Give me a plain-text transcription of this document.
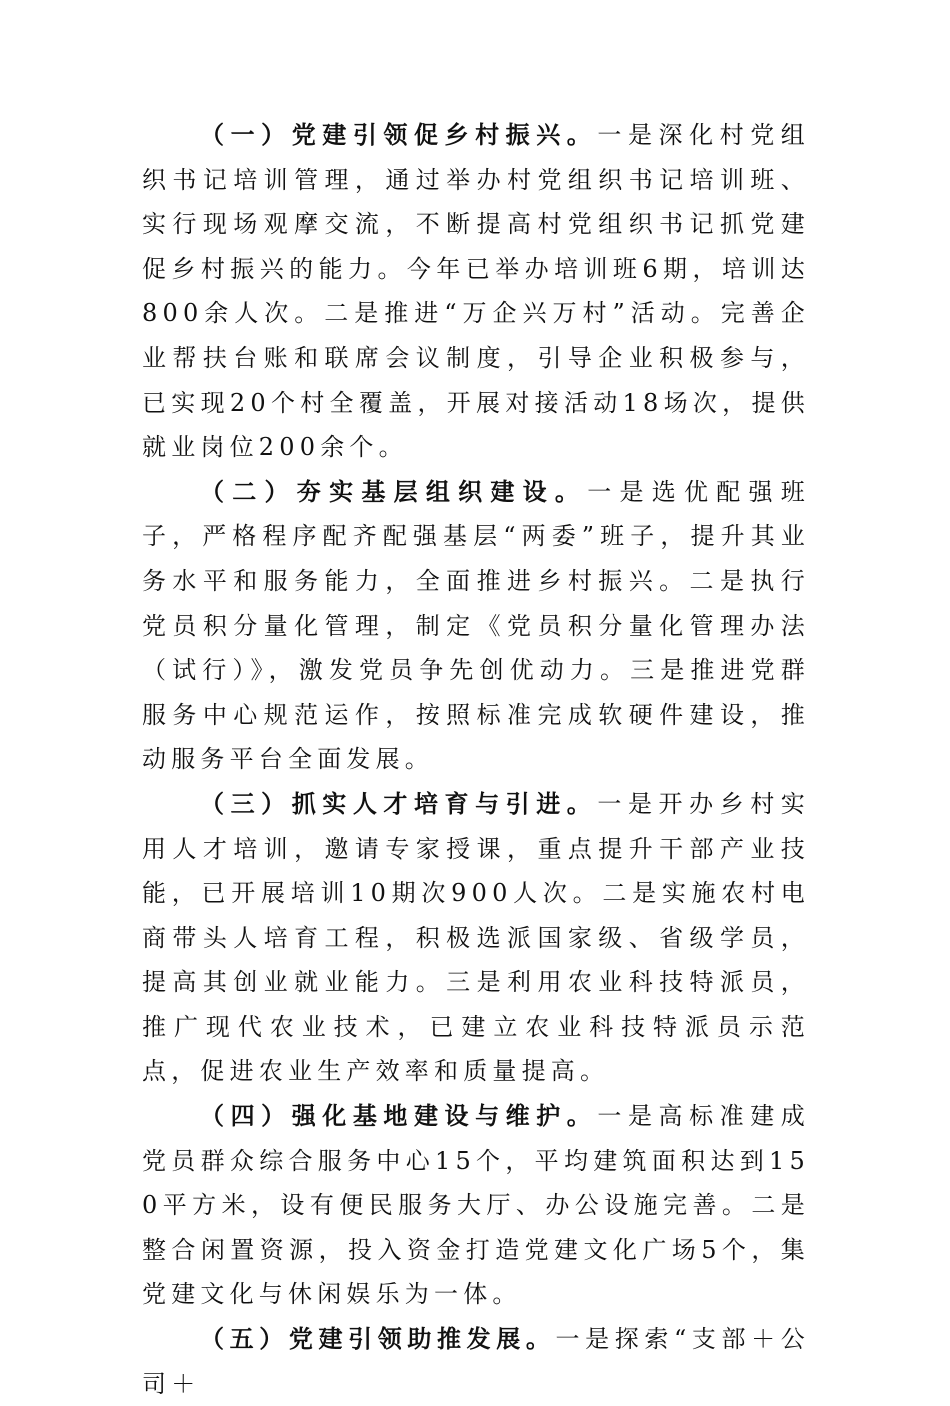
（一）党建引领促乡村振兴。一是深化村党组织书记培训管理，通过举办村党组织书记培训班、实行现场观摩交流，不断提高村党组织书记抓党建促乡村振兴的能力。今年已举办培训班6期，培训达800余人次。二是推进“万企兴万村”活动。完善企业帮扶台账和联席会议制度，引导企业积极参与，已实现20个村全覆盖，开展对接活动18场次，提供就业岗位200余个。

（二）夯实基层组织建设。一是选优配强班子，严格程序配齐配强基层“两委”班子，提升其业务水平和服务能力，全面推进乡村振兴。二是执行党员积分量化管理，制定《党员积分量化管理办法（试行）》，激发党员争先创优动力。三是推进党群服务中心规范运作，按照标准完成软硬件建设，推动服务平台全面发展。

（三）抓实人才培育与引进。一是开办乡村实用人才培训，邀请专家授课，重点提升干部产业技能，已开展培训10期次900人次。二是实施农村电商带头人培育工程，积极选派国家级、省级学员，提高其创业就业能力。三是利用农业科技特派员，推广现代农业技术，已建立农业科技特派员示范点，促进农业生产效率和质量提高。

（四）强化基地建设与维护。一是高标准建成党员群众综合服务中心15个，平均建筑面积达到150平方米，设有便民服务大厅、办公设施完善。二是整合闲置资源，投入资金打造党建文化广场5个，集党建文化与休闲娱乐为一体。

（五）党建引领助推发展。一是探索“支部＋公司＋
